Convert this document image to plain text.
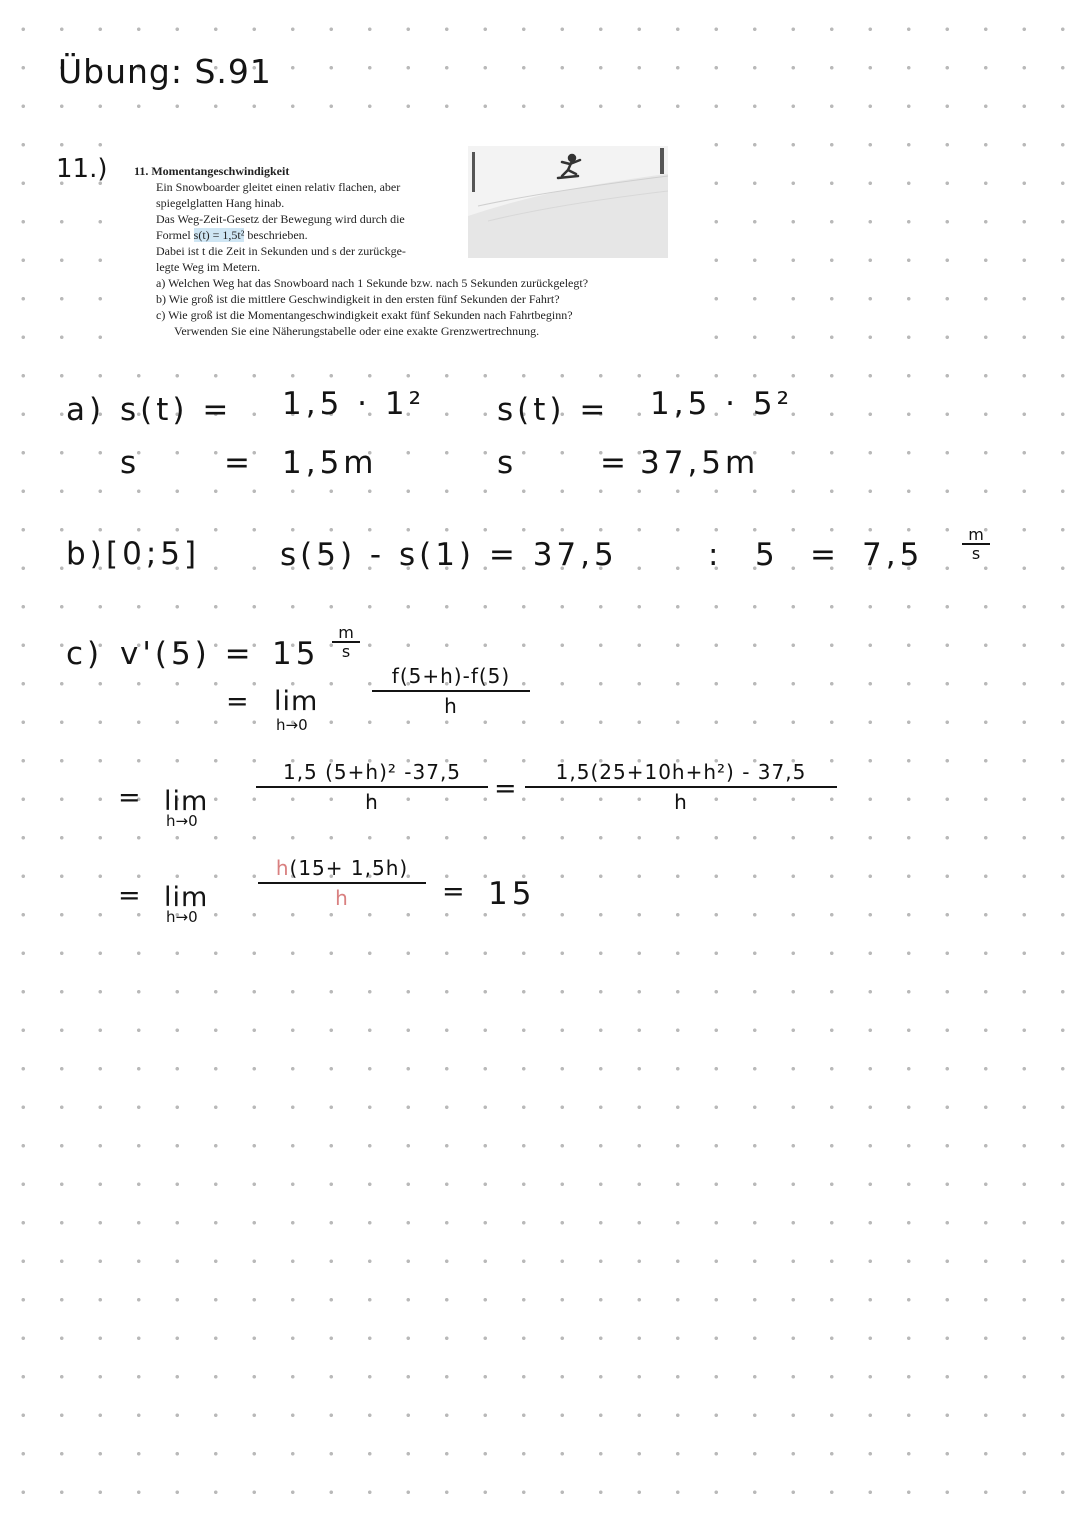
Übung: S.91
11.) 11. Momentangeschwindigkeit
Ein Snowboarder gleitet einen relativ flachen, aber
spiegelglatten Hang hinab.
Das Weg-Zeit-Gesetz der Bewegung wird durch die
Formel s(t) = 1,5t² beschrieben.
Dabei ist t die Zeit in Sekunden und s der zurückge-
legte Weg im Metern.
a) Welchen Weg hat das Snowboard nach 1 Sekunde bzw. nach 5 Sekunden zurückgelegt?
b) Wie groß ist die mittlere Geschwindigkeit in den ersten fünf Sekunden der Fahrt?
c) Wie groß ist die Momentangeschwindigkeit exakt fünf Sekunden nach Fahrtbeginn?
Verwenden Sie eine Näherungstabelle oder eine exakte Grenzwertrechnung.
a) s(t) = 1,5 · 1²
s	= 1,5m
s(t) = 1,5 · 5²
s	= 37,5m
b) [0;5]	s(5) - s(1) = 37,5	: $5 = 7,5 \frac{m}{s}$
c) $v'(5) = 15 \frac{m}{s}$
= lim
h→0
$\frac{f(5+h)-f(5)}{h}$
= lim
h→0
$\frac{\text{1,5 (5+h)² -37,5}}{h} = \frac{\text{1,5(25+10h+h²) - 37,5}}{h}$
= lim
h→0
$\frac{h(15+ 1,5h)}{h} = 15$
